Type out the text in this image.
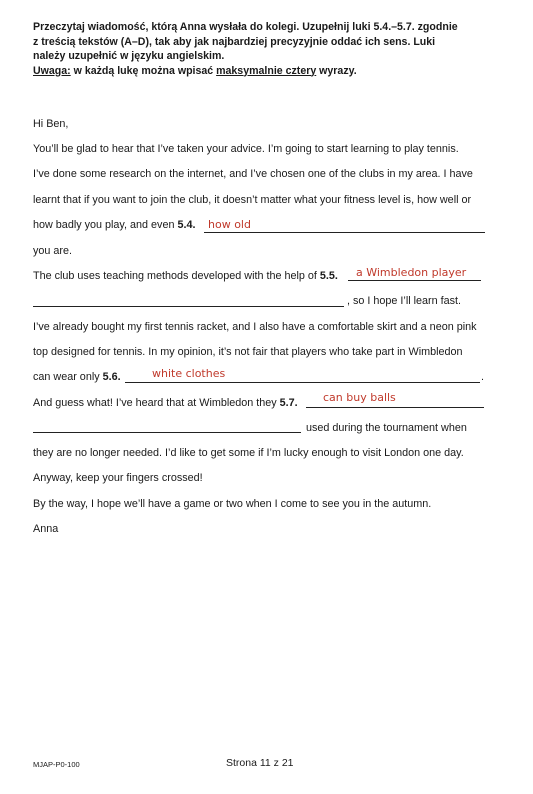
Przeczytaj wiadomość, którą Anna wysłała do kolegi. Uzupełnij luki 5.4.–5.7. zgodnie
z treścią tekstów (A–D), tak aby jak najbardziej precyzyjnie oddać ich sens. Luki
należy uzupełnić w języku angielskim.
Uwaga: w każdą lukę można wpisać maksymalnie cztery wyrazy.
Hi Ben,
You’ll be glad to hear that I’ve taken your advice. I’m going to start learning to play tennis.
I’ve done some research on the internet, and I’ve chosen one of the clubs in my area. I have
learnt that if you want to join the club, it doesn’t matter what your fitness level is, how well or
how badly you play, and even 5.4. how old
you are.
The club uses teaching methods developed with the help of 5.5. a Wimbledon player
, so I hope I’ll learn fast.
I’ve already bought my first tennis racket, and I also have a comfortable skirt and a neon pink
top designed for tennis. In my opinion, it’s not fair that players who take part in Wimbledon
can wear only 5.6.	white clothes	.
And guess what! I’ve heard that at Wimbledon they 5.7. can buy balls
used during the tournament when
they are no longer needed. I’d like to get some if I’m lucky enough to visit London one day.
Anyway, keep your fingers crossed!
By the way, I hope we’ll have a game or two when I come to see you in the autumn.
Anna
MJAP-P0-100	Strona 11 z 21
